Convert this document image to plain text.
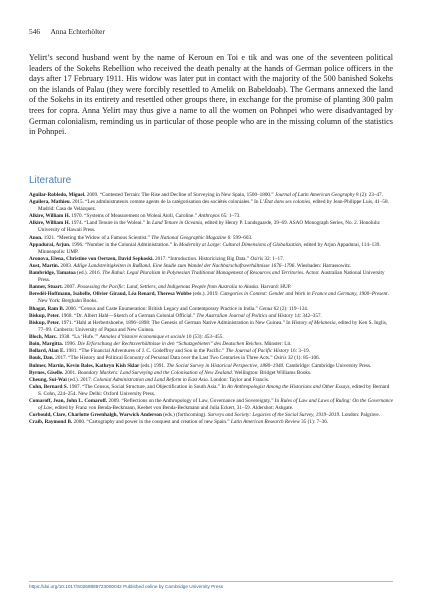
546 Anna Echterhölter

Yelirt’s second husband went by the name of Keroun en Toi e tik and was one of the seventeen political leaders of the Sokehs Rebellion who received the death penalty at the hands of German police officers in the days after 17 February 1911. His widow was later put in contact with the majority of the 500 banished Sokehs on the islands of Palau (they were forcibly resettled to Amelik on Babeldoab). The Germans annexed the land of the Sokehs in its entirety and resettled other groups there, in exchange for the promise of planting 300 palm trees for copra. Anna Yelirt may thus give a name to all the women on Pohnpei who were disadvantaged by German colonialism, reminding us in particular of those people who are in the missing column of the statistics in Pohnpei.

Literature
Aguilar-Robledo, Miguel. 2009. “Contested Terrain: The Rise and Decline of Surveying in New Spain, 1500–1800.” Journal of Latin American Geography 8 (2): 23–47.
Aguilera, Mathieu. 2015. “Les administrateurs comme agents de la catégorisation des sociétés coloniales.” In L’État dans ses colonies, edited by Jean-Philippe Luis, 41–58. Madrid: Casa de Velázquez.
Alkire, William H. 1970. “Systems of Measurement on Woleai Atoll, Caroline.” Anthropos 65: 1–73.
Alkire, William H. 1974. “Land Tenure in the Woleai.” In Land Tenure in Oceania, edited by Henry P. Lundsgaarde, 39–69. ASAO Monograph Series, No. 2. Honolulu: University of Hawaii Press.
Anon. 1921. “Meeting the Widow of a Famous Scientist.” The National Geographic Magazine 6: 599–603.
Appadurai, Arjun. 1996. “Number in the Colonial Administration.” In Modernity at Large: Cultural Dimensions of Globalization, edited by Arjun Appadurai, 114–139. Minneapolis: UMP.
Aronova, Elena, Christine von Oertzen, David Sepkoski. 2017. “Introduction. Historicizing Big Data.” Osiris 32: 1–17.
Aust, Martin. 2003. Adlige Landstreitigkeiten in Rußland. Eine Studie zum Wandel der Nachbarschaftsverhältnisse 1676–1796. Wiesbaden: Harrassowitz.
Bambridge, Tamatoa (ed.). 2016. The Rahui: Legal Pluralism in Polynesian Traditional Management of Resources and Territories. Acton: Australian National University Press.
Banner, Stuart. 2007. Possessing the Pacific: Land, Settlers, and Indigenous People from Australia to Alaska. Harvard: HUP.
Bereděi-Hoffmann, Isabelle, Olivier Giraud, Léa Renard, Theresa Wobbe (eds.). 2019. Categories in Context: Gender and Work in France and Germany, 1900–Present. New York: Berghahn Books.
Bhagat, Ram B. 2006. “Census and Caste Enumeration: British Legacy and Contemporary Practice in India.” Genus 62 (2): 119–134.
Biskup, Peter. 1968. “Dr. Albert Hahl—Sketch of a German Colonial Official.” The Australian Journal of Politics and History 14: 342–357.
Biskup, Peter. 1971. “Hahl at Herbertshoehe, 1896–1898: The Genesis of German Native Administration in New Guinea.” In History of Melanesia, edited by Ken S. Inglis, 77–99. Canberra: University of Papua and New Guinea.
Bloch, Marc. 1938. “La ‘Hufe.’” Annales d’histoire économique et sociale 10 (53): 453–455.
Boin, Margitta. 1996. Die Erforschung der Rechtsverhältnisse in den “Schutzgebieten” des Deutschen Reiches. Münster: Lit.
Bollard, Alan E. 1981. “The Financial Adventures of J. C. Godeffroy and Son in the Pacific.” The Journal of Pacific History 16: 3–19.
Bouk, Dan. 2017. “The History and Political Economy of Personal Data over the Last Two Centuries in Three Acts.” Osiris 32 (1): 85–106.
Bulmer, Martin, Kevin Bales, Kathryn Kish Sklar (eds.) 1991. The Social Survey in Historical Perspective, 1880–1940. Cambridge: Cambridge University Press.
Byrnes, Giselle. 2001. Boundary Markers: Land Surveying and the Colonisation of New Zealand. Wellington: Bridget Williams Books.
Cheung, Sui-Wai (ed.). 2017. Colonial Administration and Land Reform in East Asia. London: Taylor and Francis.
Cohn, Bernard S. 1987. “The Census, Social Structure, and Objectification in South Asia.” In An Anthropologist Among the Historians and Other Essays, edited by Bernard S. Cohn, 224–254. New Delhi: Oxford University Press.
Comaroff, Jean, John L. Comaroff. 2009. “Reflections on the Anthropology of Law, Governance and Sovereignty.” In Rules of Law and Laws of Ruling: On the Governance of Law, edited by Franz von Benda-Beckmann, Keebet von Benda-Beckmann and Julia Eckert, 31–59. Aldershot: Ashgate.
Corbould, Clare, Charlotte Greenhalgh, Warwick Anderson (eds.) (forthcoming). Surveys and Society: Legacies of the Social Survey, 1919–2019. London: Palgrave.
Craib, Raymond B. 2000. “Cartography and power in the conquest and creation of new Spain.” Latin American Research Review 35 (1): 7–36.
https://doi.org/10.1017/S0269889723000042 Published online by Cambridge University Press
